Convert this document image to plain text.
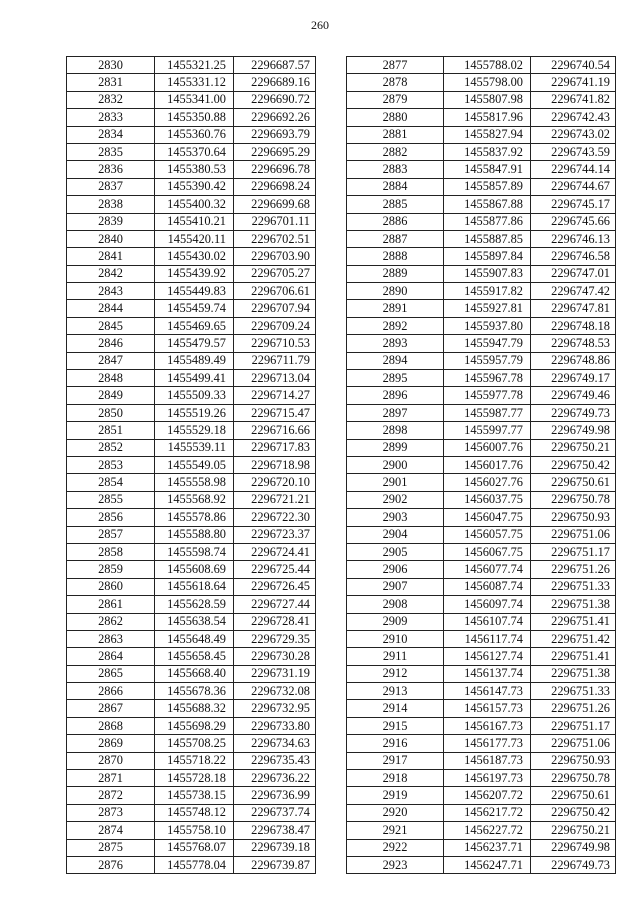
260
2830	1455321.25	2296687.57
2831	1455331.12	2296689.16
2832	1455341.00	2296690.72
2833	1455350.88	2296692.26
2834	1455360.76	2296693.79
2835	1455370.64	2296695.29
2836	1455380.53	2296696.78
2837	1455390.42	2296698.24
2838	1455400.32	2296699.68
2839	1455410.21	2296701.11
2840	1455420.11	2296702.51
2841	1455430.02	2296703.90
2842	1455439.92	2296705.27
2843	1455449.83	2296706.61
2844	1455459.74	2296707.94
2845	1455469.65	2296709.24
2846	1455479.57	2296710.53
2847	1455489.49	2296711.79
2848	1455499.41	2296713.04
2849	1455509.33	2296714.27
2850	1455519.26	2296715.47
2851	1455529.18	2296716.66
2852	1455539.11	2296717.83
2853	1455549.05	2296718.98
2854	1455558.98	2296720.10
2855	1455568.92	2296721.21
2856	1455578.86	2296722.30
2857	1455588.80	2296723.37
2858	1455598.74	2296724.41
2859	1455608.69	2296725.44
2860	1455618.64	2296726.45
2861	1455628.59	2296727.44
2862	1455638.54	2296728.41
2863	1455648.49	2296729.35
2864	1455658.45	2296730.28
2865	1455668.40	2296731.19
2866	1455678.36	2296732.08
2867	1455688.32	2296732.95
2868	1455698.29	2296733.80
2869	1455708.25	2296734.63
2870	1455718.22	2296735.43
2871	1455728.18	2296736.22
2872	1455738.15	2296736.99
2873	1455748.12	2296737.74
2874	1455758.10	2296738.47
2875	1455768.07	2296739.18
2876	1455778.04	2296739.87
2877	1455788.02	2296740.54
2878	1455798.00	2296741.19
2879	1455807.98	2296741.82
2880	1455817.96	2296742.43
2881	1455827.94	2296743.02
2882	1455837.92	2296743.59
2883	1455847.91	2296744.14
2884	1455857.89	2296744.67
2885	1455867.88	2296745.17
2886	1455877.86	2296745.66
2887	1455887.85	2296746.13
2888	1455897.84	2296746.58
2889	1455907.83	2296747.01
2890	1455917.82	2296747.42
2891	1455927.81	2296747.81
2892	1455937.80	2296748.18
2893	1455947.79	2296748.53
2894	1455957.79	2296748.86
2895	1455967.78	2296749.17
2896	1455977.78	2296749.46
2897	1455987.77	2296749.73
2898	1455997.77	2296749.98
2899	1456007.76	2296750.21
2900	1456017.76	2296750.42
2901	1456027.76	2296750.61
2902	1456037.75	2296750.78
2903	1456047.75	2296750.93
2904	1456057.75	2296751.06
2905	1456067.75	2296751.17
2906	1456077.74	2296751.26
2907	1456087.74	2296751.33
2908	1456097.74	2296751.38
2909	1456107.74	2296751.41
2910	1456117.74	2296751.42
2911	1456127.74	2296751.41
2912	1456137.74	2296751.38
2913	1456147.73	2296751.33
2914	1456157.73	2296751.26
2915	1456167.73	2296751.17
2916	1456177.73	2296751.06
2917	1456187.73	2296750.93
2918	1456197.73	2296750.78
2919	1456207.72	2296750.61
2920	1456217.72	2296750.42
2921	1456227.72	2296750.21
2922	1456237.71	2296749.98
2923	1456247.71	2296749.73
